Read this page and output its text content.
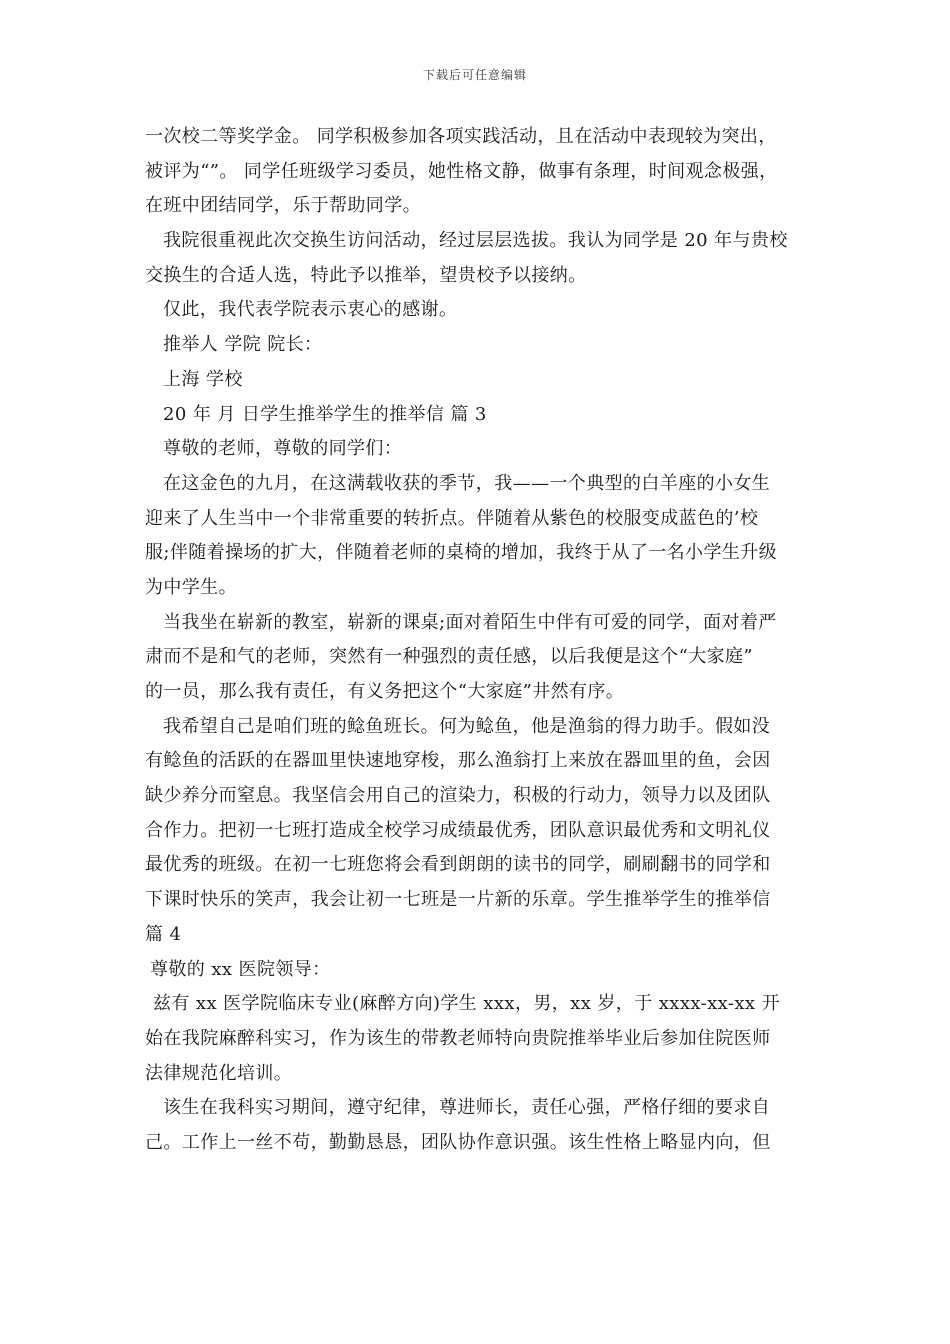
下载后可任意编辑
一次校二等奖学金。 同学积极参加各项实践活动，且在活动中表现较为突出，
被评为“”。 同学任班级学习委员，她性格文静，做事有条理，时间观念极强，
在班中团结同学，乐于帮助同学。
我院很重视此次交换生访问活动，经过层层选拔。我认为同学是 20 年与贵校
交换生的合适人选，特此予以推举，望贵校予以接纳。
仅此，我代表学院表示衷心的感谢。
推举人 学院 院长：
上海 学校
20 年 月 日学生推举学生的推举信 篇 3
尊敬的老师，尊敬的同学们：
在这金色的九月，在这满载收获的季节，我——一个典型的白羊座的小女生
迎来了人生当中一个非常重要的转折点。伴随着从紫色的校服变成蓝色的’校
服;伴随着操场的扩大，伴随着老师的桌椅的增加，我终于从了一名小学生升级
为中学生。
当我坐在崭新的教室，崭新的课桌;面对着陌生中伴有可爱的同学，面对着严
肃而不是和气的老师，突然有一种强烈的责任感，以后我便是这个“大家庭”
的一员，那么我有责任，有义务把这个“大家庭”井然有序。
我希望自己是咱们班的鲶鱼班长。何为鲶鱼，他是渔翁的得力助手。假如没
有鲶鱼的活跃的在器皿里快速地穿梭，那么渔翁打上来放在器皿里的鱼，会因
缺少养分而窒息。我坚信会用自己的渲染力，积极的行动力，领导力以及团队
合作力。把初一七班打造成全校学习成绩最优秀，团队意识最优秀和文明礼仪
最优秀的班级。在初一七班您将会看到朗朗的读书的同学，刷刷翻书的同学和
下课时快乐的笑声，我会让初一七班是一片新的乐章。学生推举学生的推举信
篇 4
尊敬的 xx 医院领导：
兹有 xx 医学院临床专业(麻醉方向)学生 xxx，男，xx 岁，于 xxxx-xx-xx 开
始在我院麻醉科实习，作为该生的带教老师特向贵院推举毕业后参加住院医师
法律规范化培训。
该生在我科实习期间，遵守纪律，尊进师长，责任心强，严格仔细的要求自
己。工作上一丝不苟，勤勤恳恳，团队协作意识强。该生性格上略显内向，但
